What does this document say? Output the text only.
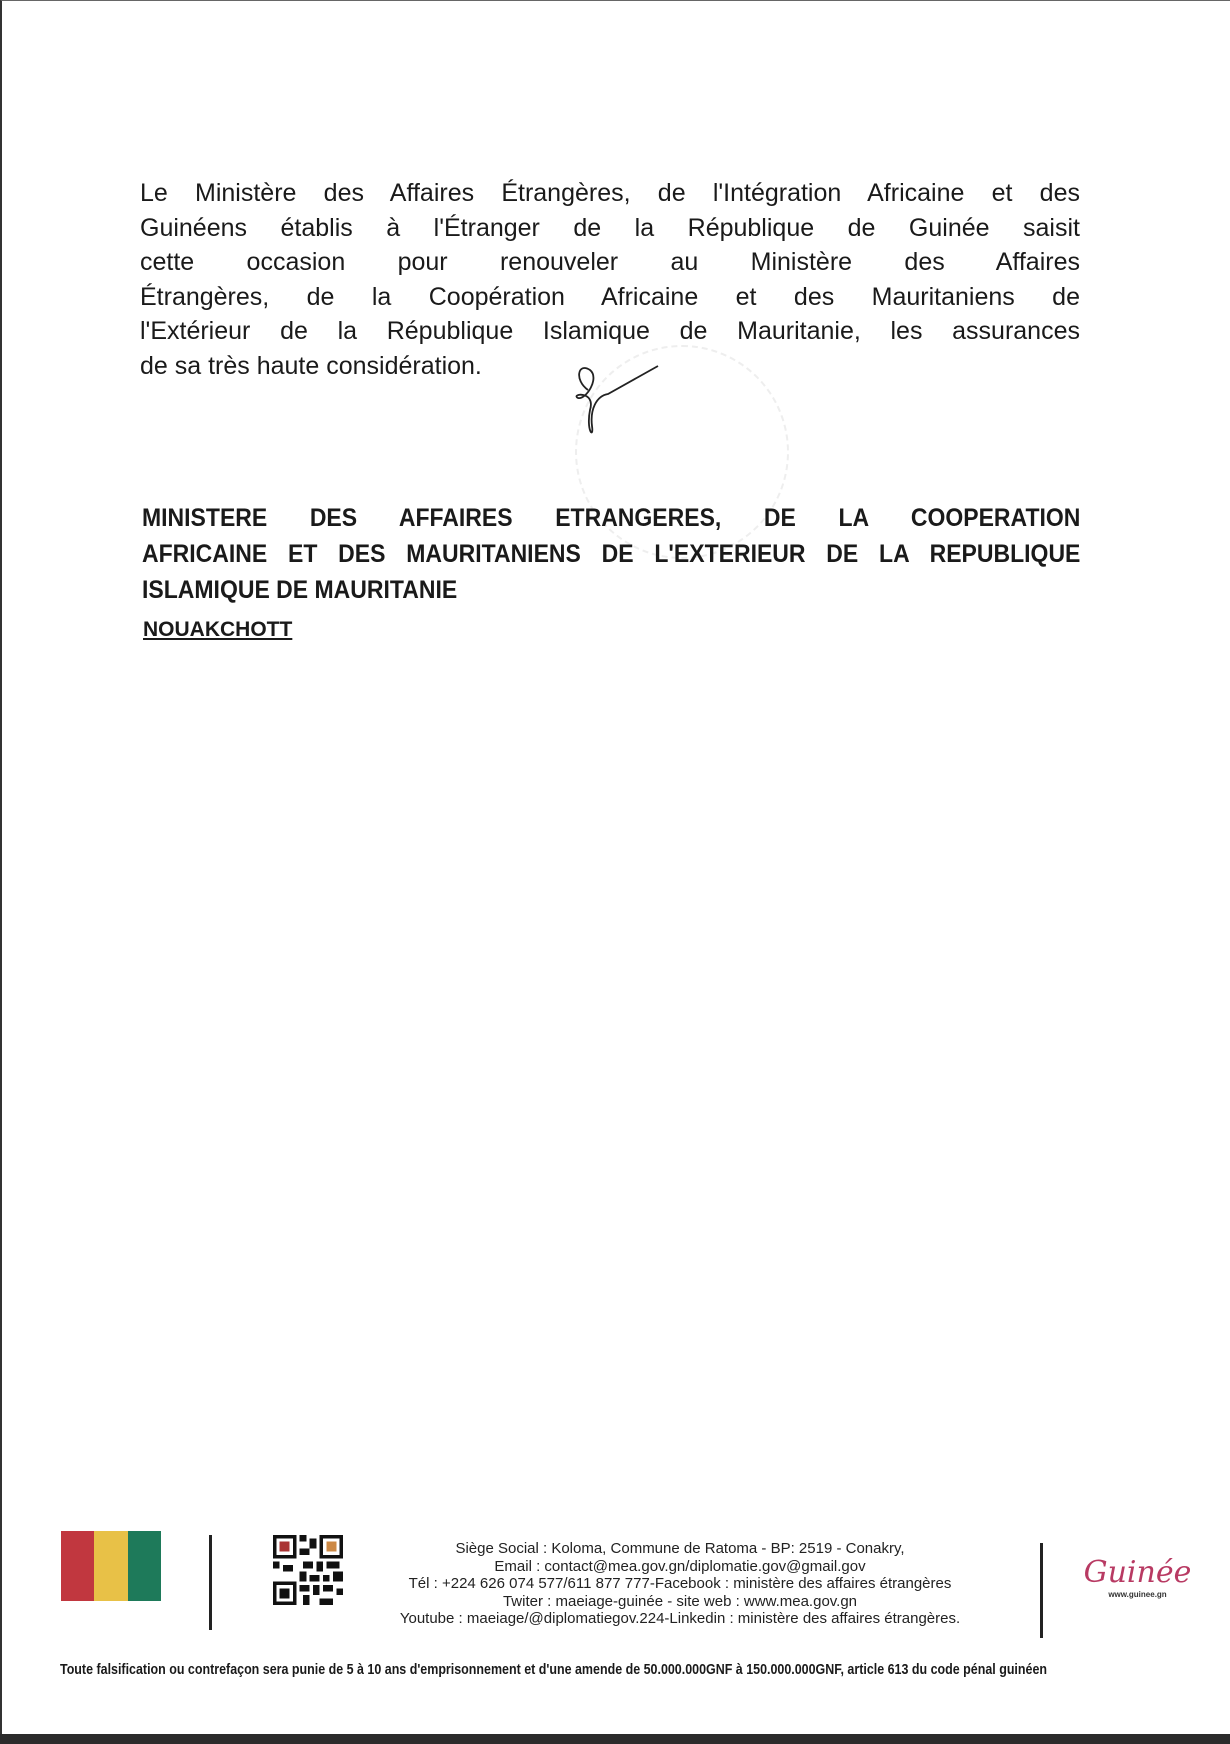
Le Ministère des Affaires Étrangères, de l'Intégration Africaine et des
Guinéens établis à l'Étranger de la République de Guinée saisit
cette occasion pour renouveler au Ministère des Affaires
Étrangères, de la Coopération Africaine et des Mauritaniens de
l'Extérieur de la République Islamique de Mauritanie, les assurances
de sa très haute considération.
MINISTERE DES AFFAIRES ETRANGERES, DE LA COOPERATION
AFRICAINE ET DES MAURITANIENS DE L'EXTERIEUR DE LA REPUBLIQUE
ISLAMIQUE DE MAURITANIE
NOUAKCHOTT
Siège Social : Koloma, Commune de Ratoma - BP: 2519 - Conakry,
Email : contact@mea.gov.gn/diplomatie.gov@gmail.gov
Tél : +224 626 074 577/611 877 777-Facebook : ministère des affaires étrangères
Twiter : maeiage-guinée - site web : www.mea.gov.gn
Youtube : maeiage/@diplomatiegov.224-Linkedin : ministère des affaires étrangères.
Guinée
www.guinee.gn
Toute falsification ou contrefaçon sera punie de 5 à 10 ans d'emprisonnement et d'une amende de 50.000.000GNF à 150.000.000GNF, article 613 du code pénal guinéen
